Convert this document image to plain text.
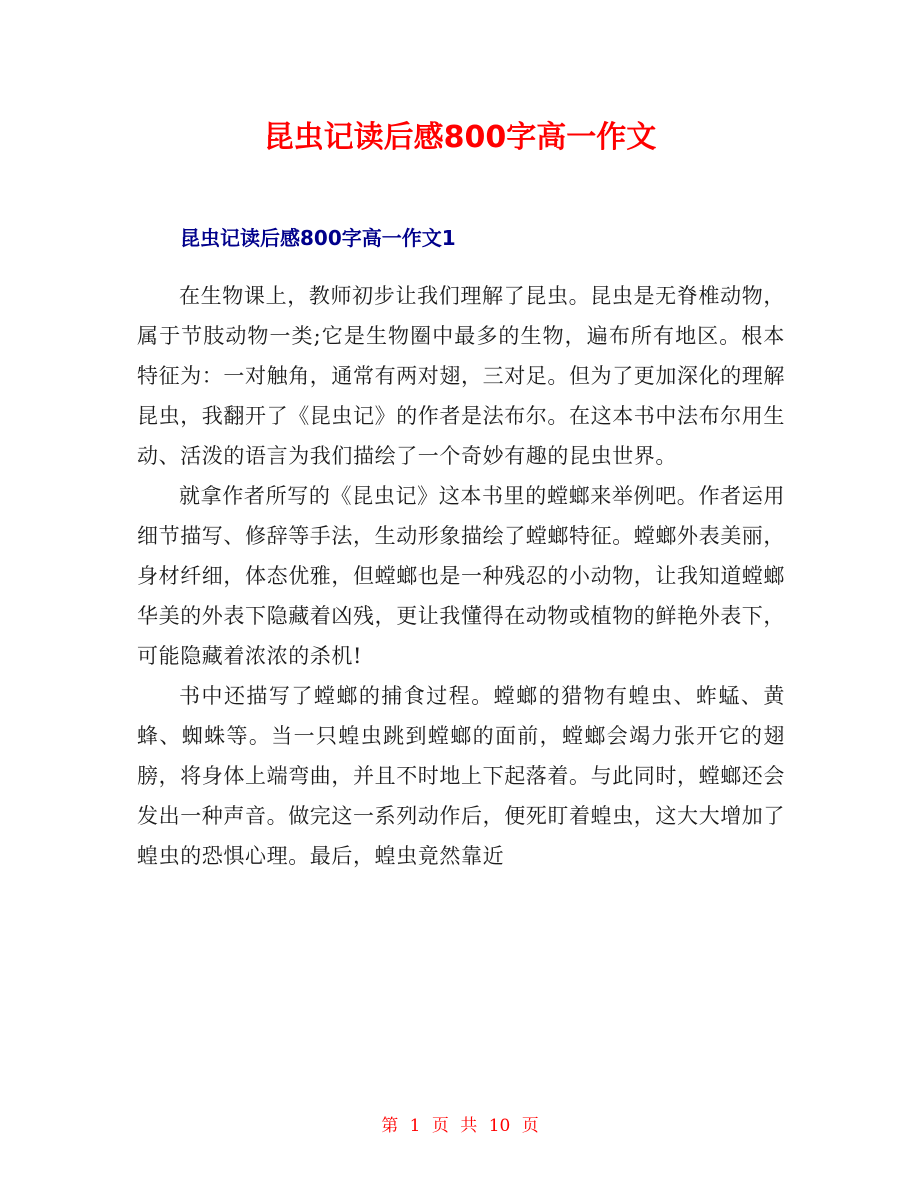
昆虫记读后感800字高一作文
昆虫记读后感800字高一作文1

在生物课上，教师初步让我们理解了昆虫。昆虫是无脊椎动物，属于节肢动物一类;它是生物圈中最多的生物，遍布所有地区。根本特征为：一对触角，通常有两对翅，三对足。但为了更加深化的理解昆虫，我翻开了《昆虫记》的作者是法布尔。在这本书中法布尔用生动、活泼的语言为我们描绘了一个奇妙有趣的昆虫世界。

就拿作者所写的《昆虫记》这本书里的螳螂来举例吧。作者运用细节描写、修辞等手法，生动形象描绘了螳螂特征。螳螂外表美丽，身材纤细，体态优雅，但螳螂也是一种残忍的小动物，让我知道螳螂华美的外表下隐藏着凶残，更让我懂得在动物或植物的鲜艳外表下，可能隐藏着浓浓的杀机!

书中还描写了螳螂的捕食过程。螳螂的猎物有蝗虫、蚱蜢、黄蜂、蜘蛛等。当一只蝗虫跳到螳螂的面前，螳螂会竭力张开它的翅膀，将身体上端弯曲，并且不时地上下起落着。与此同时，螳螂还会发出一种声音。做完这一系列动作后，便死盯着蝗虫，这大大增加了蝗虫的恐惧心理。最后，蝗虫竟然靠近

第 1 页 共 10 页
